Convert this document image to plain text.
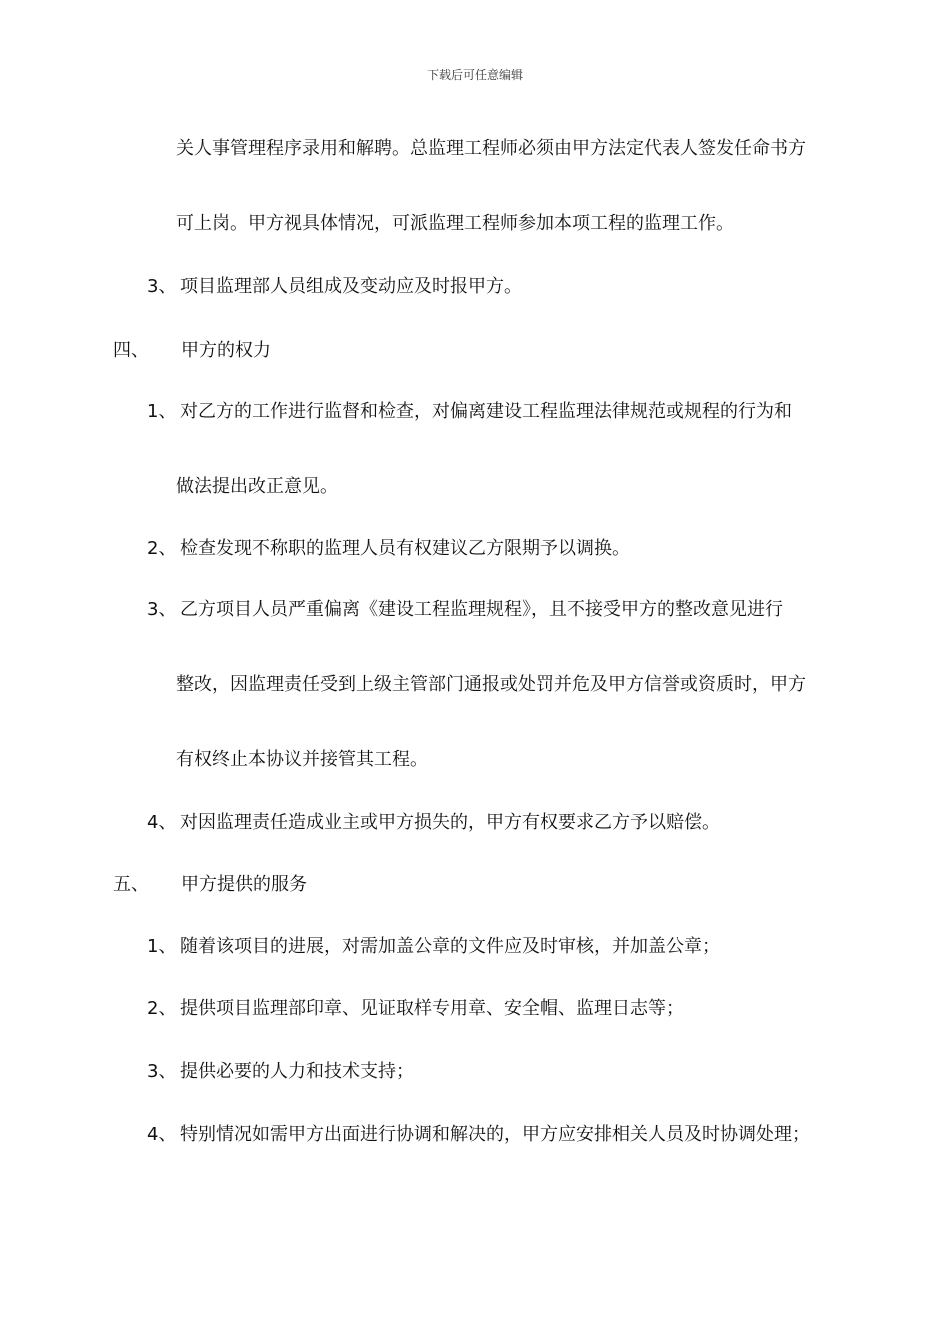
下载后可任意编辑
关人事管理程序录用和解聘。总监理工程师必须由甲方法定代表人签发任命书方
可上岗。甲方视具体情况，可派监理工程师参加本项工程的监理工作。
3、 项目监理部人员组成及变动应及时报甲方。
四、 甲方的权力
1、 对乙方的工作进行监督和检查，对偏离建设工程监理法律规范或规程的行为和
做法提出改正意见。
2、 检查发现不称职的监理人员有权建议乙方限期予以调换。
3、 乙方项目人员严重偏离《建设工程监理规程》，且不接受甲方的整改意见进行
整改，因监理责任受到上级主管部门通报或处罚并危及甲方信誉或资质时，甲方
有权终止本协议并接管其工程。
4、 对因监理责任造成业主或甲方损失的，甲方有权要求乙方予以赔偿。
五、 甲方提供的服务
1、 随着该项目的进展，对需加盖公章的文件应及时审核，并加盖公章；
2、 提供项目监理部印章、见证取样专用章、安全帽、监理日志等；
3、 提供必要的人力和技术支持；
4、 特别情况如需甲方出面进行协调和解决的，甲方应安排相关人员及时协调处理；
